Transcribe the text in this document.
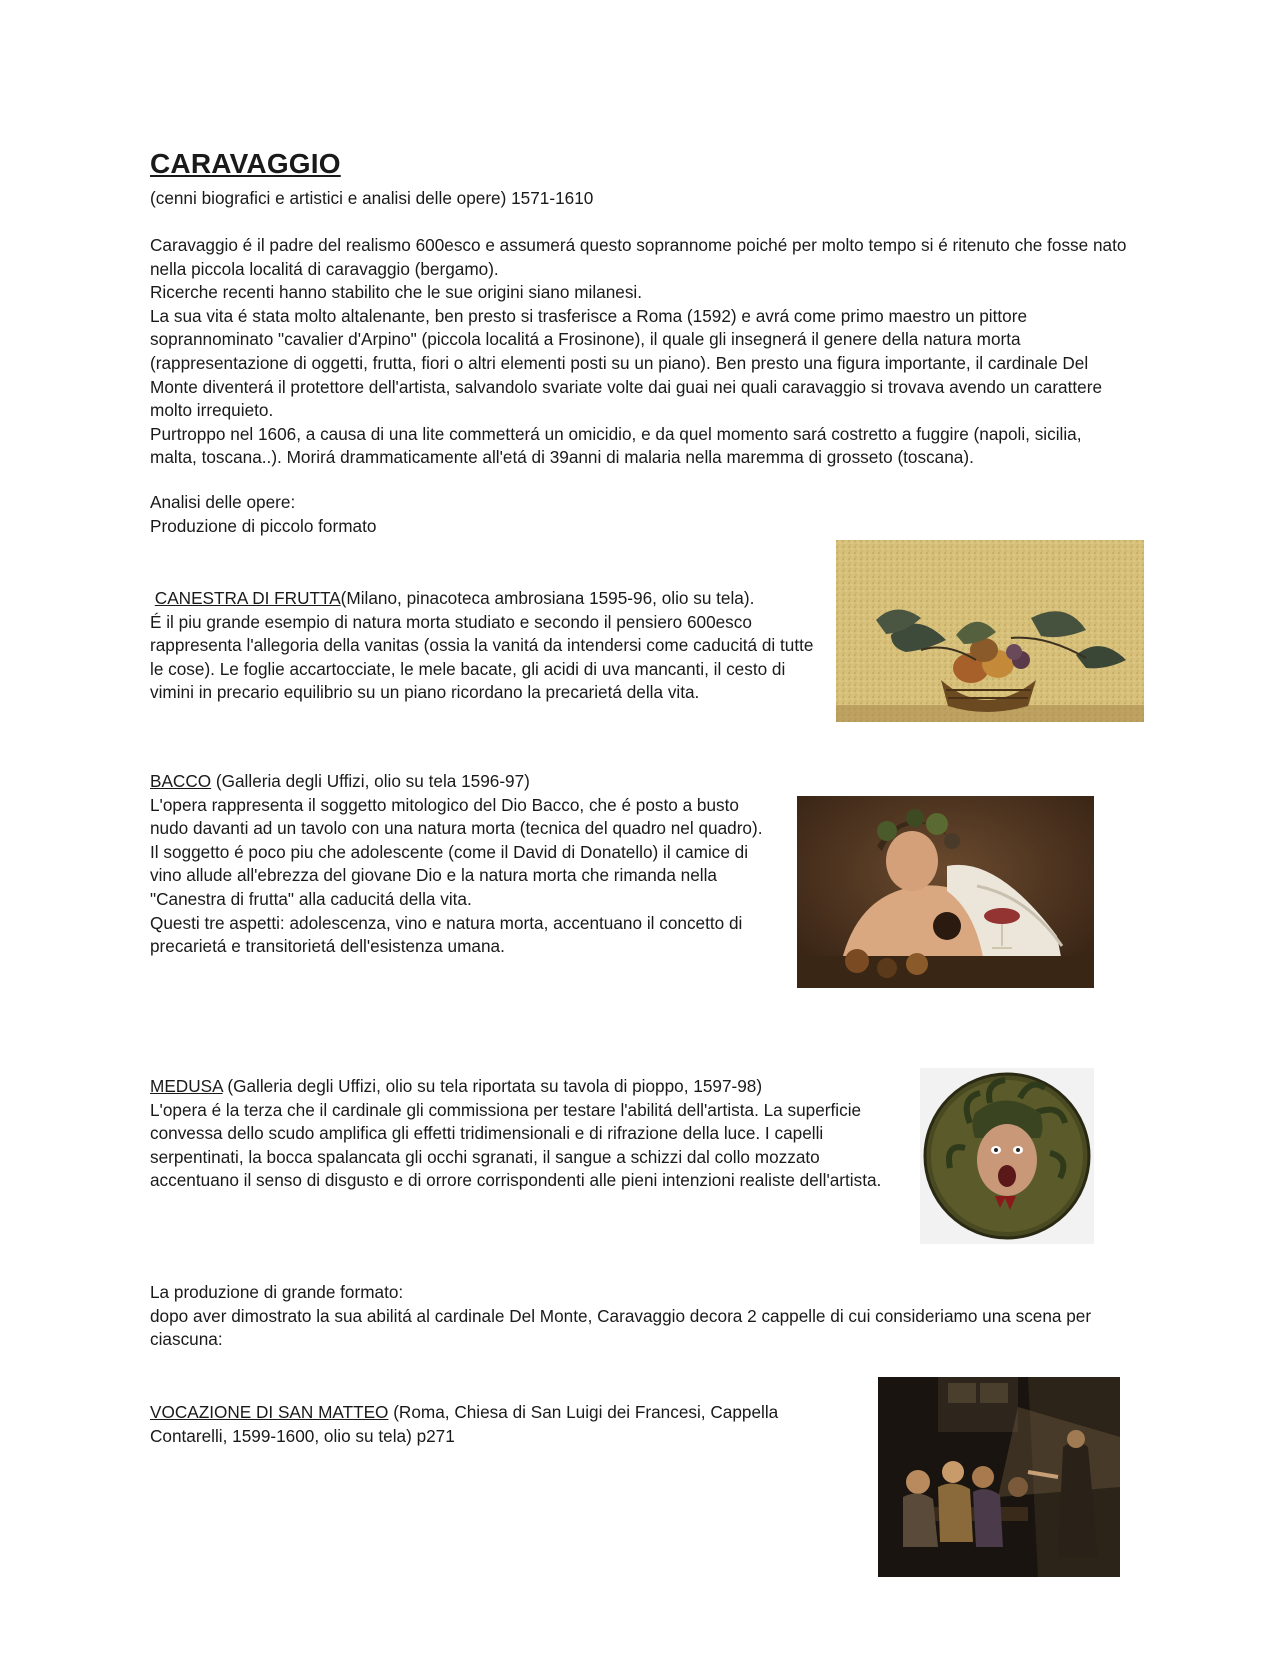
CARAVAGGIO

(cenni biografici e artistici e analisi delle opere) 1571-1610

Caravaggio é il padre del realismo 600esco e assumerá questo soprannome poiché per molto tempo si é ritenuto che fosse nato nella piccola localitá di caravaggio (bergamo).

Ricerche recenti hanno stabilito che le sue origini siano milanesi.

La sua vita é stata molto altalenante, ben presto si trasferisce a Roma (1592) e avrá come primo maestro un pittore soprannominato "cavalier d'Arpino" (piccola localitá a Frosinone), il quale gli insegnerá il genere della natura morta (rappresentazione di oggetti, frutta, fiori o altri elementi posti su un piano). Ben presto una figura importante, il cardinale Del Monte diventerá il protettore dell'artista, salvandolo svariate volte dai guai nei quali caravaggio si trovava avendo un carattere molto irrequieto.

Purtroppo nel 1606, a causa di una lite commetterá un omicidio, e da quel momento sará costretto a fuggire (napoli, sicilia, malta, toscana..). Morirá drammaticamente all'etá di 39anni di malaria nella maremma di grosseto (toscana).

Analisi delle opere:

Produzione di piccolo formato

CANESTRA DI FRUTTA(Milano, pinacoteca ambrosiana 1595-96, olio su tela).

É il piu grande esempio di natura morta studiato e secondo il pensiero 600esco rappresenta l'allegoria della vanitas (ossia la vanitá da intendersi come caducitá di tutte le cose). Le foglie accartocciate, le mele bacate, gli acidi di uva mancanti, il cesto di vimini in precario equilibrio su un piano ricordano la precarietá della vita.

BACCO (Galleria degli Uffizi, olio su tela 1596-97)

L'opera rappresenta il soggetto mitologico del Dio Bacco, che é posto a busto nudo davanti ad un tavolo con una natura morta (tecnica del quadro nel quadro).

Il soggetto é poco piu che adolescente (come il David di Donatello) il camice di vino allude all'ebrezza del giovane Dio e la natura morta che rimanda nella "Canestra di frutta" alla caducitá della vita.

Questi tre aspetti: adolescenza, vino e natura morta, accentuano il concetto di precarietá e transitorietá dell'esistenza umana.

MEDUSA (Galleria degli Uffizi, olio su tela riportata su tavola di pioppo, 1597-98)

L'opera é la terza che il cardinale gli commissiona per testare l'abilitá dell'artista. La superficie convessa dello scudo amplifica gli effetti tridimensionali e di rifrazione della luce. I capelli serpentinati, la bocca spalancata gli occhi sgranati, il sangue a schizzi dal collo mozzato accentuano il senso di disgusto e di orrore corrispondenti alle pieni intenzioni realiste dell'artista.

La produzione di grande formato:

dopo aver dimostrato la sua abilitá al cardinale Del Monte, Caravaggio decora 2 cappelle di cui consideriamo una scena per ciascuna:

VOCAZIONE DI SAN MATTEO (Roma, Chiesa di San Luigi dei Francesi, Cappella Contarelli, 1599-1600, olio su tela) p271
